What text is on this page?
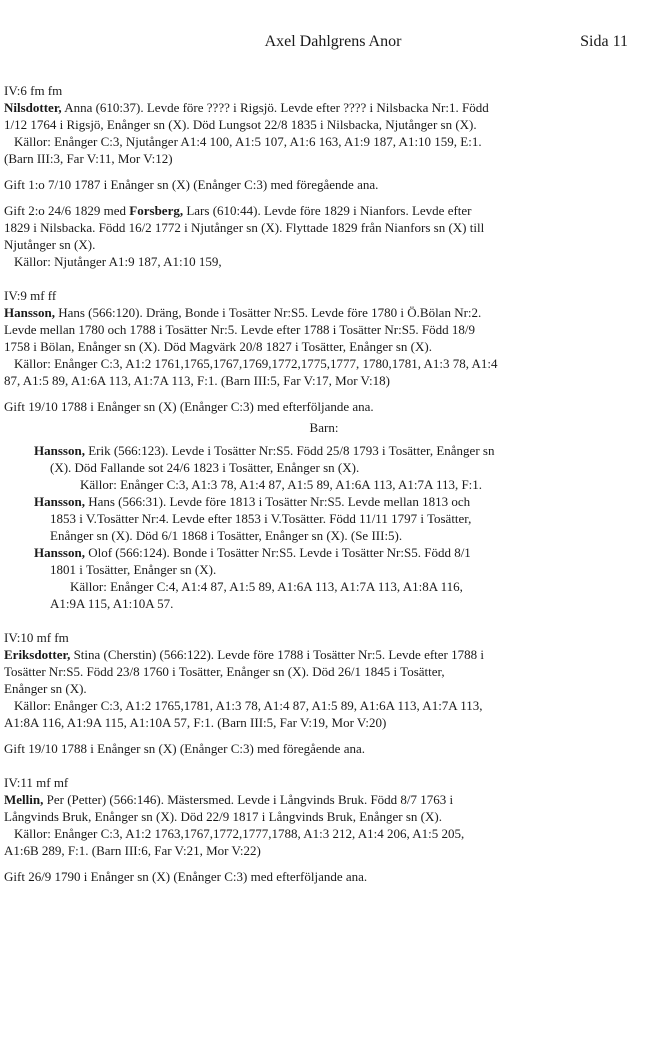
Axel Dahlgrens Anor	Sida 11

IV:6 fm fm

Nilsdotter, Anna (610:37). Levde före ???? i Rigsjö. Levde efter ???? i Nilsbacka Nr:1. Född

1/12 1764 i Rigsjö, Enånger sn (X). Död Lungsot 22/8 1835 i Nilsbacka, Njutånger sn (X).

Källor: Enånger C:3, Njutånger A1:4 100, A1:5 107, A1:6 163, A1:9 187, A1:10 159, E:1.

(Barn III:3, Far V:11, Mor V:12)

Gift 1:o 7/10 1787 i Enånger sn (X) (Enånger C:3) med föregående ana.

Gift 2:o 24/6 1829 med Forsberg, Lars (610:44). Levde före 1829 i Nianfors. Levde efter

1829 i Nilsbacka. Född 16/2 1772 i Njutånger sn (X). Flyttade 1829 från Nianfors sn (X) till

Njutånger sn (X).

Källor: Njutånger A1:9 187, A1:10 159,

IV:9 mf ff

Hansson, Hans (566:120). Dräng, Bonde i Tosätter Nr:S5. Levde före 1780 i Ö.Bölan Nr:2.

Levde mellan 1780 och 1788 i Tosätter Nr:5. Levde efter 1788 i Tosätter Nr:S5. Född 18/9

1758 i Bölan, Enånger sn (X). Död Magvärk 20/8 1827 i Tosätter, Enånger sn (X).

Källor: Enånger C:3, A1:2 1761,1765,1767,1769,1772,1775,1777, 1780,1781, A1:3 78, A1:4

87, A1:5 89, A1:6A 113, A1:7A 113, F:1. (Barn III:5, Far V:17, Mor V:18)

Gift 19/10 1788 i Enånger sn (X) (Enånger C:3) med efterföljande ana.

Barn:

Hansson, Erik (566:123). Levde i Tosätter Nr:S5. Född 25/8 1793 i Tosätter, Enånger sn

(X). Död Fallande sot 24/6 1823 i Tosätter, Enånger sn (X).

Källor: Enånger C:3, A1:3 78, A1:4 87, A1:5 89, A1:6A 113, A1:7A 113, F:1.

Hansson, Hans (566:31). Levde före 1813 i Tosätter Nr:S5. Levde mellan 1813 och

1853 i V.Tosätter Nr:4. Levde efter 1853 i V.Tosätter. Född 11/11 1797 i Tosätter,

Enånger sn (X). Död 6/1 1868 i Tosätter, Enånger sn (X). (Se III:5).

Hansson, Olof (566:124). Bonde i Tosätter Nr:S5. Levde i Tosätter Nr:S5. Född 8/1

1801 i Tosätter, Enånger sn (X).

Källor: Enånger C:4, A1:4 87, A1:5 89, A1:6A 113, A1:7A 113, A1:8A 116,

A1:9A 115, A1:10A 57.

IV:10 mf fm

Eriksdotter, Stina (Cherstin) (566:122). Levde före 1788 i Tosätter Nr:5. Levde efter 1788 i

Tosätter Nr:S5. Född 23/8 1760 i Tosätter, Enånger sn (X). Död 26/1 1845 i Tosätter,

Enånger sn (X).

Källor: Enånger C:3, A1:2 1765,1781, A1:3 78, A1:4 87, A1:5 89, A1:6A 113, A1:7A 113,

A1:8A 116, A1:9A 115, A1:10A 57, F:1. (Barn III:5, Far V:19, Mor V:20)

Gift 19/10 1788 i Enånger sn (X) (Enånger C:3) med föregående ana.

IV:11 mf mf

Mellin, Per (Petter) (566:146). Mästersmed. Levde i Långvinds Bruk. Född 8/7 1763 i

Långvinds Bruk, Enånger sn (X). Död 22/9 1817 i Långvinds Bruk, Enånger sn (X).

Källor: Enånger C:3, A1:2 1763,1767,1772,1777,1788, A1:3 212, A1:4 206, A1:5 205,

A1:6B 289, F:1. (Barn III:6, Far V:21, Mor V:22)

Gift 26/9 1790 i Enånger sn (X) (Enånger C:3) med efterföljande ana.
